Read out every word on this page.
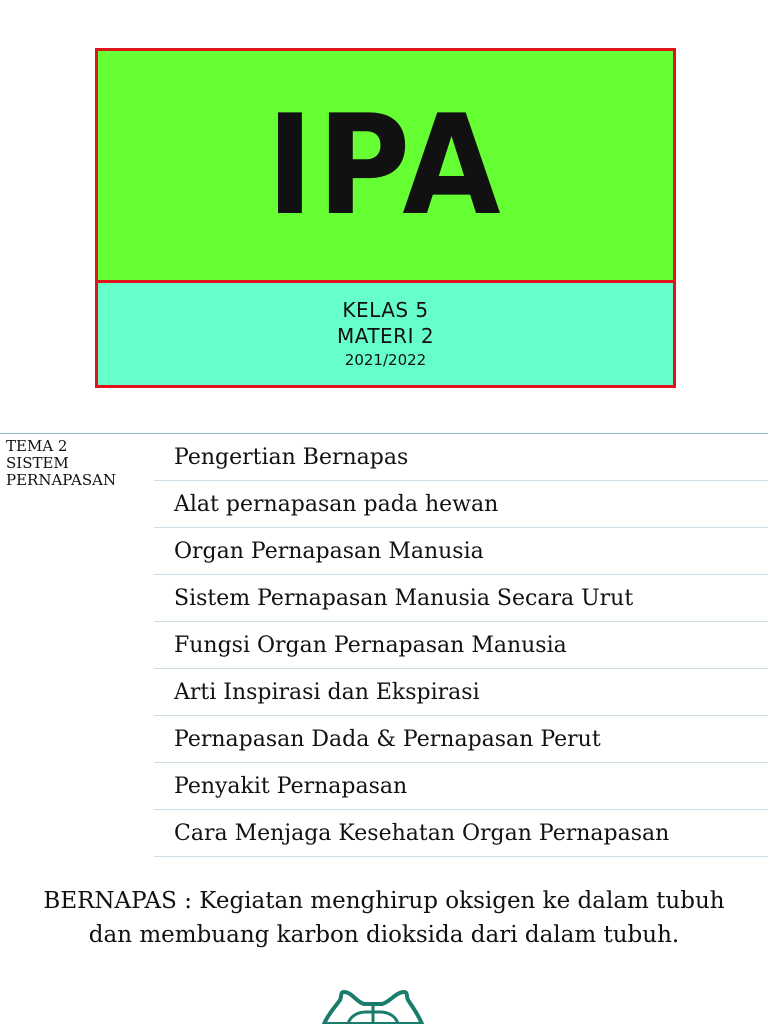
IPA
KELAS 5
MATERI 2
2021/2022
TEMA 2
SISTEM
PERNAPASAN
Pengertian Bernapas
Alat pernapasan pada hewan
Organ Pernapasan Manusia
Sistem Pernapasan Manusia Secara Urut
Fungsi Organ Pernapasan Manusia
Arti Inspirasi dan Ekspirasi
Pernapasan Dada & Pernapasan Perut
Penyakit Pernapasan
Cara Menjaga Kesehatan Organ Pernapasan
BERNAPAS : Kegiatan menghirup oksigen ke dalam tubuh dan membuang karbon dioksida dari dalam tubuh.
